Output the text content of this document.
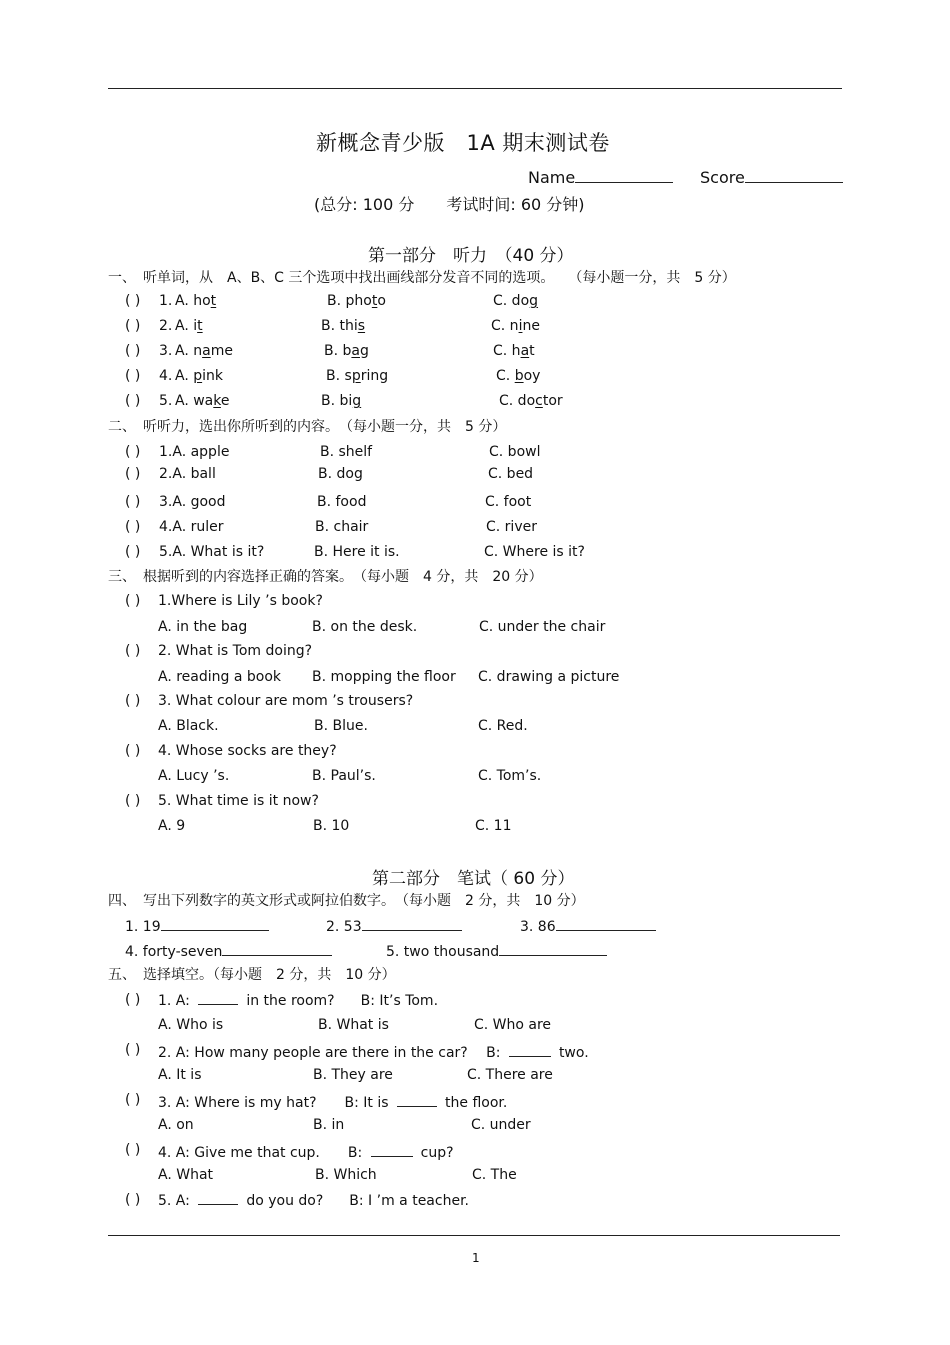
新概念青少版　1A 期末测试卷
Name	Score
(总分: 100 分　　考试时间: 60 分钟)
第一部分　听力　（40 分）
一、　听单词，从　A、B、C 三个选项中找出画线部分发音不同的选项。　　（每小题一分，共　5 分）
( ) 1. A. hot	B. photo	C. dog
( ) 2. A. it	B. this	C. nine
( ) 3. A. name	B. bag	C. hat
( ) 4. A. pink	B. spring	C. boy
( ) 5. A. wake	B. big	C. doctor
二、　听听力，选出你所听到的内容。　（每小题一分，共　5 分）
( ) 1.A. apple	B. shelf	C. bowl
( ) 2.A. ball	B. dog	C. bed
( ) 3.A. good	B. food	C. foot
( ) 4.A. ruler	B. chair	C. river
( ) 5.A. What is it?	B. Here it is.	C. Where is it?
三、　根据听到的内容选择正确的答案。　（每小题　4 分，共　20 分）
( ) 1.Where is Lily ’s book?
A. in the bag	B. on the desk.	C. under the chair
( ) 2. What is Tom doing?
A. reading a book B. mopping the floor C. drawing a picture
( ) 3. What colour are mom ’s trousers?
A. Black.	B. Blue.	C. Red.
( ) 4. Whose socks are they?
A. Lucy ’s.	B. Paul’s.	C. Tom’s.
( ) 5. What time is it now?
A. 9	B. 10	C. 11
第二部分　笔试（ 60 分）
四、　写出下列数字的英文形式或阿拉伯数字。　（每小题　2 分，共　10 分）
1. 19	2. 53	3. 86
4. forty-seven	5. two thousand
五、　选择填空。（每小题　2 分，共　10 分）
( ) 1. A:	in the room? B: It’s Tom.
A. Who is	B. What is	C. Who are
( ) 2. A: How many people are there in the car?　 B:	two.
A. It is	B. They are	C. There are
( ) 3. A: Where is my hat?　　B: It is	the floor.
A. on	B. in	C. under
( ) 4. A: Give me that cup.　　B:	cup?
A. What	B. Which	C. The
( ) 5. A:	do you do? B: I ’m a teacher.
1
